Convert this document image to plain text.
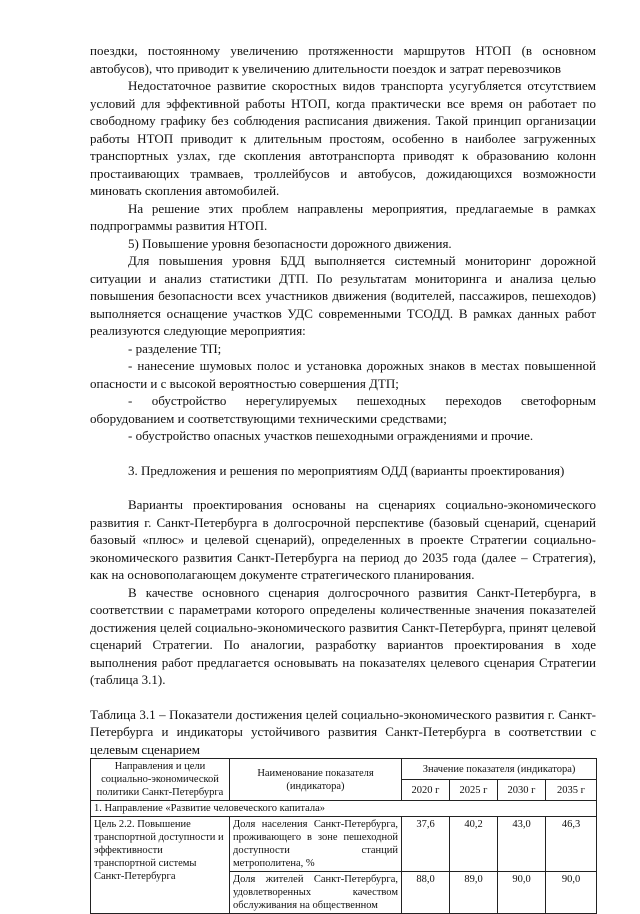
поездки, постоянному увеличению протяженности маршрутов НТОП (в основном автобусов), что приводит к увеличению длительности поездок и затрат перевозчиков

Недостаточное развитие скоростных видов транспорта усугубляется отсутствием условий для эффективной работы НТОП, когда практически все время он работает по свободному графику без соблюдения расписания движения. Такой принцип организации работы НТОП приводит к длительным простоям, особенно в наиболее загруженных транспортных узлах, где скопления автотранспорта приводят к образованию колонн простаивающих трамваев, троллейбусов и автобусов, дожидающихся возможности миновать скопления автомобилей.

На решение этих проблем направлены мероприятия, предлагаемые в рамках подпрограммы развития НТОП.

5) Повышение уровня безопасности дорожного движения.

Для повышения уровня БДД выполняется системный мониторинг дорожной ситуации и анализ статистики ДТП. По результатам мониторинга и анализа целью повышения безопасности всех участников движения (водителей, пассажиров, пешеходов) выполняется оснащение участков УДС современными ТСОДД. В рамках данных работ реализуются следующие мероприятия:

- разделение ТП;

- нанесение шумовых полос и установка дорожных знаков в местах повышенной опасности и с высокой вероятностью совершения ДТП;

- обустройство нерегулируемых пешеходных переходов светофорным оборудованием и соответствующими техническими средствами;

- обустройство опасных участков пешеходными ограждениями и прочие.

3. Предложения и решения по мероприятиям ОДД (варианты проектирования)

Варианты проектирования основаны на сценариях социально-экономического развития г. Санкт-Петербурга в долгосрочной перспективе (базовый сценарий, сценарий базовый «плюс» и целевой сценарий), определенных в проекте Стратегии социально-экономического развития Санкт-Петербурга на период до 2035 года (далее – Стратегия), как на основополагающем документе стратегического планирования.

В качестве основного сценария долгосрочного развития Санкт-Петербурга, в соответствии с параметрами которого определены количественные значения показателей достижения целей социально-экономического развития Санкт-Петербурга, принят целевой сценарий Стратегии. По аналогии, разработку вариантов проектирования в ходе выполнения работ предлагается основывать на показателях целевого сценария Стратегии (таблица 3.1).

Таблица 3.1 – Показатели достижения целей социально-экономического развития г. Санкт-Петербурга и индикаторы устойчивого развития Санкт-Петербурга в соответствии с целевым сценарием

Направления и цели социально-экономической политики Санкт-Петербурга	Наименование показателя (индикатора)	Значение показателя (индикатора)			
		2020 г	2025 г	2030 г	2035 г
1. Направление «Развитие человеческого капитала»					
Цель 2.2. Повышение транспортной доступности и эффективности транспортной системы Санкт-Петербурга	Доля населения Санкт-Петербурга, проживающего в зоне пешеходной доступности станций метрополитена, %	37,6	40,2	43,0	46,3
	Доля жителей Санкт-Петербурга, удовлетворенных качеством обслуживания на общественном	88,0	89,0	90,0	90,0
